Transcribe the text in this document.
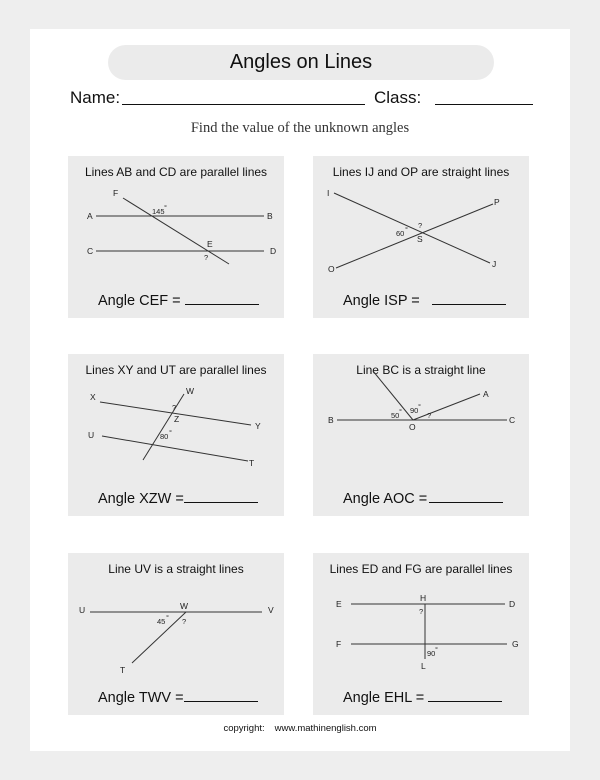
Angles on Lines
Name:	Class:
Find the value of the unknown angles
Lines AB and CD are parallel lines
F
A	B
C	D
E
145 °
?
Angle CEF =
Lines IJ and OP are straight lines
I
P
O	J
S
60 ° ?
Angle ISP =
Lines XY and UT are parallel lines
X
W
Y
U
T
Z
?
80 °
Angle XZW =
Line BC is a straight line
A
B	C
O
50 ° 90 °
?
Angle AOC =
Line UV is a straight lines
U	W	V
T
45 ° ?
Angle TWV =
Lines ED and FG are parallel lines
E
H
D
F	G
L
?
90 °
Angle EHL =
copyright: www.mathinenglish.com
